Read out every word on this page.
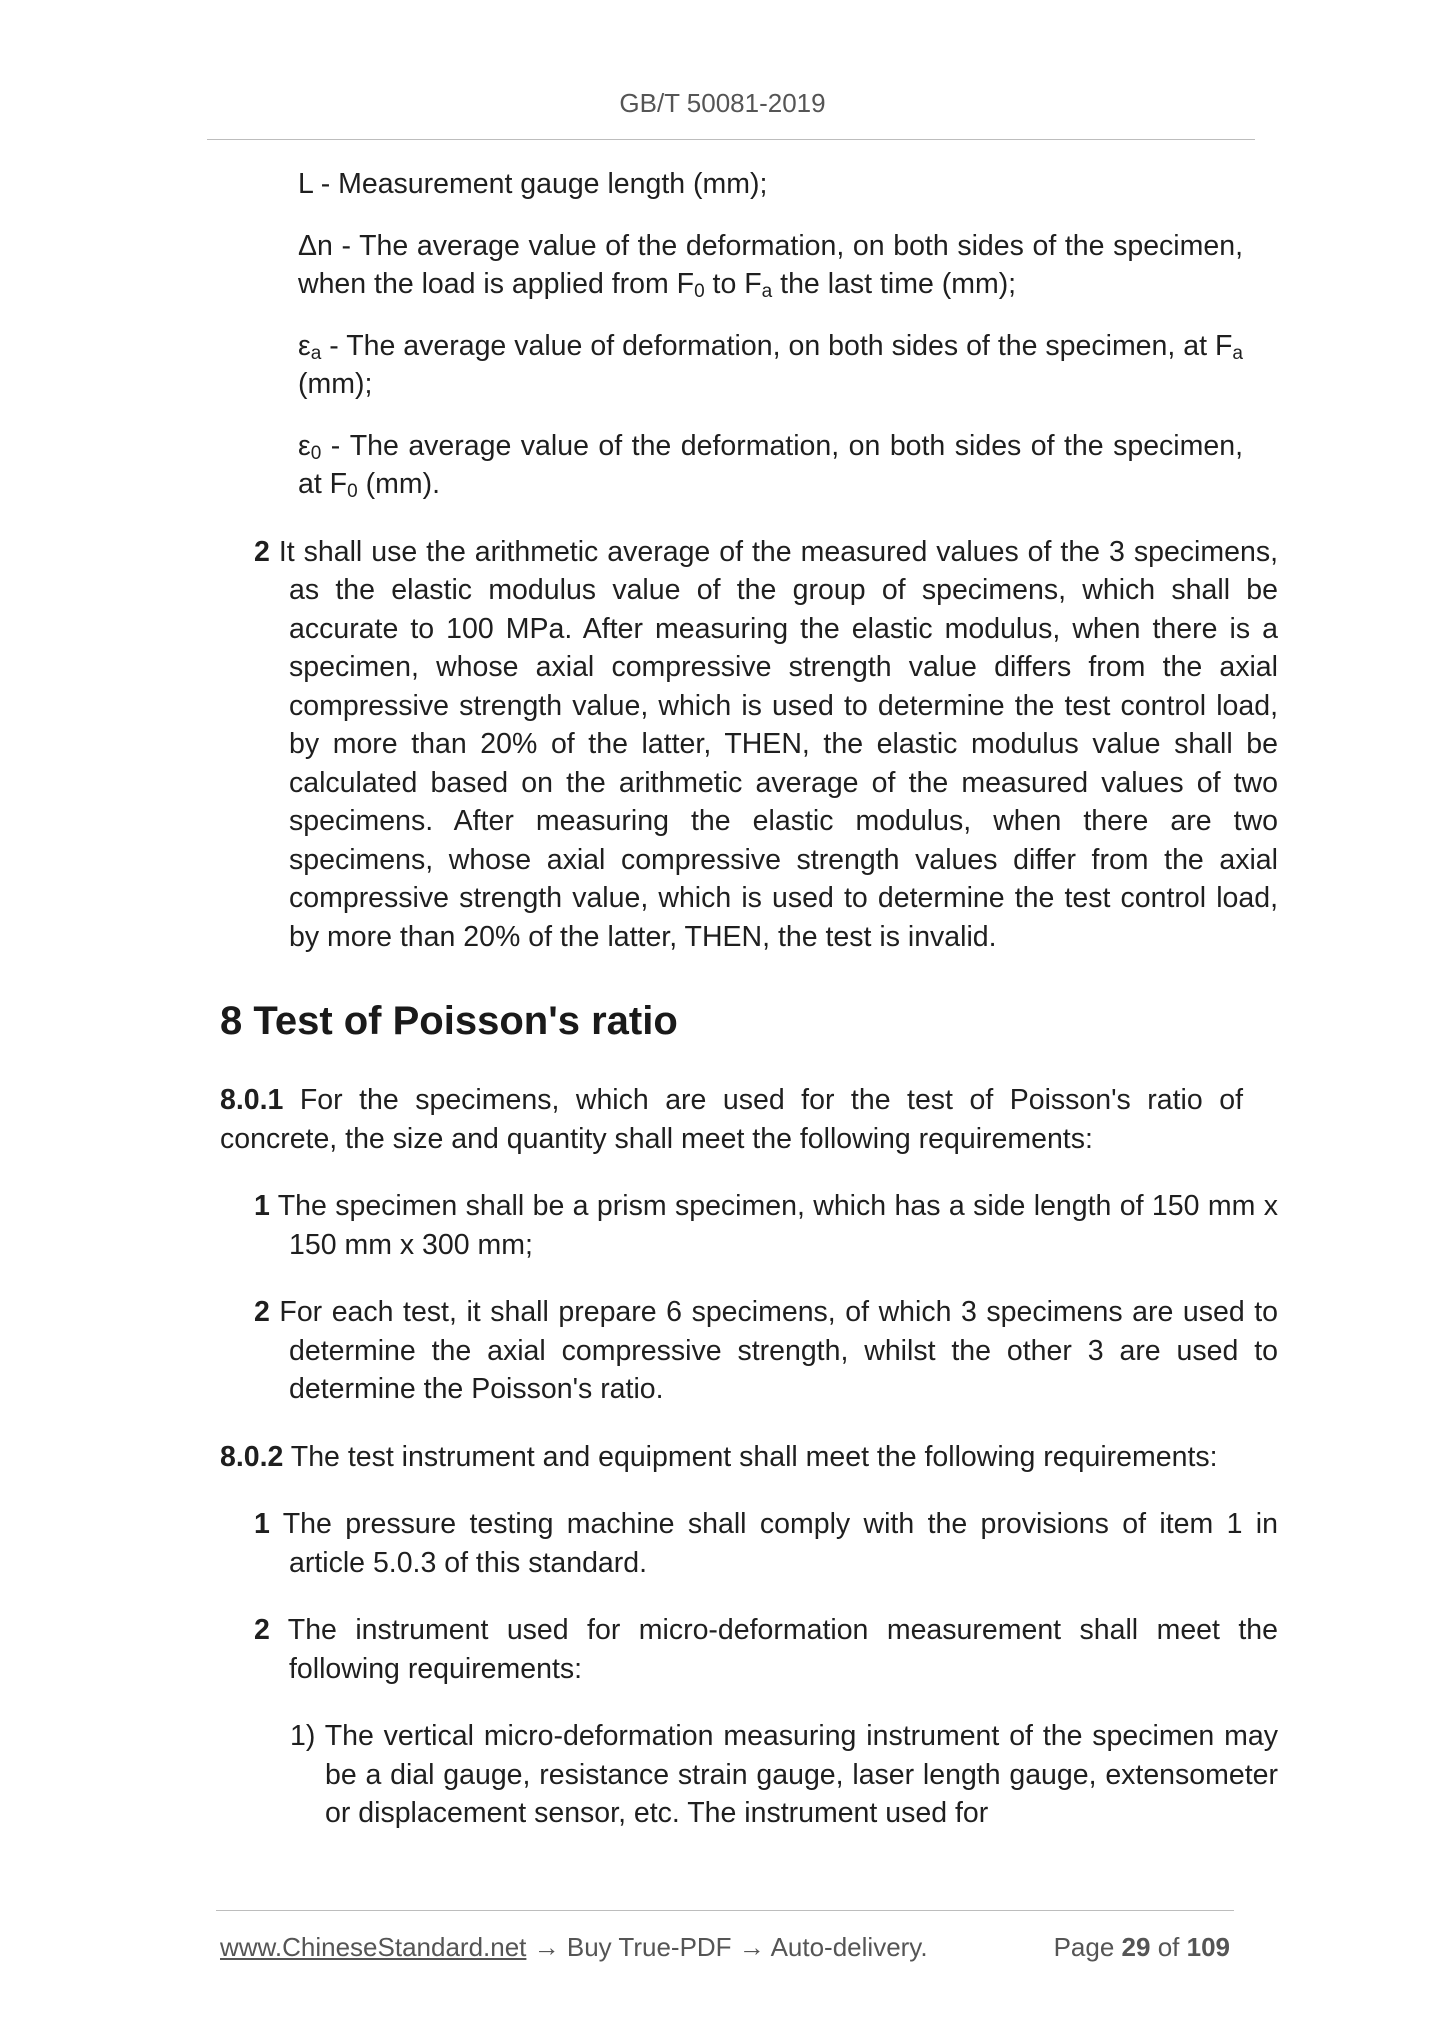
GB/T 50081-2019

L - Measurement gauge length (mm);

Δn - The average value of the deformation, on both sides of the specimen, when the load is applied from F0 to Fa the last time (mm);

εa - The average value of deformation, on both sides of the specimen, at Fa (mm);

ε0 - The average value of the deformation, on both sides of the specimen, at F0 (mm).

2 It shall use the arithmetic average of the measured values of the 3 specimens, as the elastic modulus value of the group of specimens, which shall be accurate to 100 MPa. After measuring the elastic modulus, when there is a specimen, whose axial compressive strength value differs from the axial compressive strength value, which is used to determine the test control load, by more than 20% of the latter, THEN, the elastic modulus value shall be calculated based on the arithmetic average of the measured values of two specimens. After measuring the elastic modulus, when there are two specimens, whose axial compressive strength values differ from the axial compressive strength value, which is used to determine the test control load, by more than 20% of the latter, THEN, the test is invalid.

8 Test of Poisson's ratio

8.0.1 For the specimens, which are used for the test of Poisson's ratio of concrete, the size and quantity shall meet the following requirements:

1 The specimen shall be a prism specimen, which has a side length of 150 mm x 150 mm x 300 mm;

2 For each test, it shall prepare 6 specimens, of which 3 specimens are used to determine the axial compressive strength, whilst the other 3 are used to determine the Poisson's ratio.

8.0.2 The test instrument and equipment shall meet the following requirements:

1 The pressure testing machine shall comply with the provisions of item 1 in article 5.0.3 of this standard.

2 The instrument used for micro-deformation measurement shall meet the following requirements:

1) The vertical micro-deformation measuring instrument of the specimen may be a dial gauge, resistance strain gauge, laser length gauge, extensometer or displacement sensor, etc. The instrument used for

www.ChineseStandard.net → Buy True-PDF → Auto-delivery.	Page 29 of 109
